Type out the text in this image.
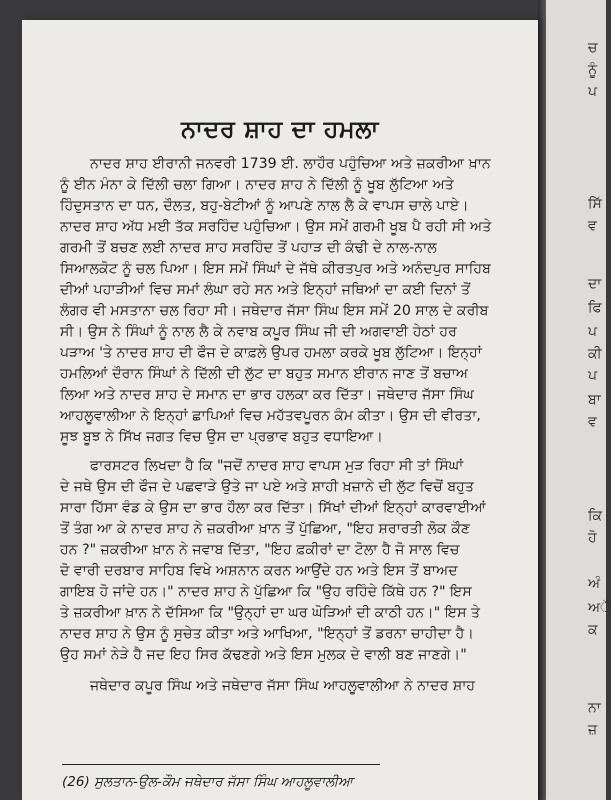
ਚ
ਨੂੰ
ਪ
ਸਿੱ
ਵ
ਦਾ
ਫਿ
ਪ
ਕੀ
ਪ
ਬਾ
ਵ
ਕਿ
ਹੋ
ਅੰ
ਅੌ
ਕ
ਨਾ
ਜ਼
ਨਾਦਰ ਸ਼ਾਹ ਦਾ ਹਮਲਾ
ਨਾਦਰ ਸ਼ਾਹ ਈਰਾਨੀ ਜਨਵਰੀ 1739 ਈ. ਲਾਹੌਰ ਪਹੁੰਚਿਆ ਅਤੇ ਜ਼ਕਰੀਆ ਖ਼ਾਨ
ਨੂੰ ਈਨ ਮੰਨਾ ਕੇ ਦਿੱਲੀ ਚਲਾ ਗਿਆ। ਨਾਦਰ ਸ਼ਾਹ ਨੇ ਦਿੱਲੀ ਨੂੰ ਖੂਬ ਲੁੱਟਿਆ ਅਤੇ
ਹਿੰਦੁਸਤਾਨ ਦਾ ਧਨ, ਦੌਲਤ, ਬਹੁ-ਬੇਟੀਆਂ ਨੂੰ ਆਪਣੇ ਨਾਲ ਲੈ ਕੇ ਵਾਪਸ ਚਾਲੇ ਪਾਏ।
ਨਾਦਰ ਸ਼ਾਹ ਅੱਧ ਮਈ ਤੱਕ ਸਰਹਿੰਦ ਪਹੁੰਚਿਆ। ਉਸ ਸਮੇਂ ਗਰਮੀ ਖੂਬ ਪੈ ਰਹੀ ਸੀ ਅਤੇ
ਗਰਮੀ ਤੋਂ ਬਚਣ ਲਈ ਨਾਦਰ ਸ਼ਾਹ ਸਰਹਿੰਦ ਤੋਂ ਪਹਾੜ ਦੀ ਕੰਢੀ ਦੇ ਨਾਲ-ਨਾਲ
ਸਿਆਲਕੋਟ ਨੂੰ ਚਲ ਪਿਆ। ਇਸ ਸਮੇਂ ਸਿੰਘਾਂ ਦੇ ਜੱਥੇ ਕੀਰਤਪੁਰ ਅਤੇ ਅਨੰਦਪੁਰ ਸਾਹਿਬ
ਦੀਆਂ ਪਹਾੜੀਆਂ ਵਿਚ ਸਮਾਂ ਲੰਘਾ ਰਹੇ ਸਨ ਅਤੇ ਇਨ੍ਹਾਂ ਜਥਿਆਂ ਦਾ ਕਈ ਦਿਨਾਂ ਤੋਂ
ਲੰਗਰ ਵੀ ਮਸਤਾਨਾ ਚਲ ਰਿਹਾ ਸੀ। ਜਥੇਦਾਰ ਜੱਸਾ ਸਿੰਘ ਇਸ ਸਮੇਂ 20 ਸਾਲ ਦੇ ਕਰੀਬ
ਸੀ। ਉਸ ਨੇ ਸਿੰਘਾਂ ਨੂੰ ਨਾਲ ਲੈ ਕੇ ਨਵਾਬ ਕਪੂਰ ਸਿੰਘ ਜੀ ਦੀ ਅਗਵਾਈ ਹੇਠਾਂ ਹਰ
ਪੜਾਅ 'ਤੇ ਨਾਦਰ ਸ਼ਾਹ ਦੀ ਫੌਜ ਦੇ ਕਾਫ਼ਲੇ ਉਪਰ ਹਮਲਾ ਕਰਕੇ ਖੂਬ ਲੁੱਟਿਆ। ਇਨ੍ਹਾਂ
ਹਮਲਿਆਂ ਦੌਰਾਨ ਸਿੰਘਾਂ ਨੇ ਦਿੱਲੀ ਦੀ ਲੁੱਟ ਦਾ ਬਹੁਤ ਸਮਾਨ ਈਰਾਨ ਜਾਣ ਤੋਂ ਬਚਾਅ
ਲਿਆ ਅਤੇ ਨਾਦਰ ਸ਼ਾਹ ਦੇ ਸਮਾਨ ਦਾ ਭਾਰ ਹਲਕਾ ਕਰ ਦਿੱਤਾ। ਜਥੇਦਾਰ ਜੱਸਾ ਸਿੰਘ
ਆਹਲੂਵਾਲੀਆ ਨੇ ਇਨ੍ਹਾਂ ਛਾਪਿਆਂ ਵਿਚ ਮਹੱਤਵਪੂਰਨ ਕੰਮ ਕੀਤਾ। ਉਸ ਦੀ ਵੀਰਤਾ,
ਸੂਝ ਬੂਝ ਨੇ ਸਿੱਖ ਜਗਤ ਵਿਚ ਉਸ ਦਾ ਪ੍ਰਭਾਵ ਬਹੁਤ ਵਧਾਇਆ।
ਫਾਰਸਟਰ ਲਿਖਦਾ ਹੈ ਕਿ "ਜਦੋਂ ਨਾਦਰ ਸ਼ਾਹ ਵਾਪਸ ਮੁੜ ਰਿਹਾ ਸੀ ਤਾਂ ਸਿੰਘਾਂ
ਦੇ ਜਥੇ ਉਸ ਦੀ ਫੌਜ ਦੇ ਪਛਵਾੜੇ ਉਤੇ ਜਾ ਪਏ ਅਤੇ ਸ਼ਾਹੀ ਖ਼ਜ਼ਾਨੇ ਦੀ ਲੁੱਟ ਵਿਚੋਂ ਬਹੁਤ
ਸਾਰਾ ਹਿੱਸਾ ਵੰਡ ਕੇ ਉਸ ਦਾ ਭਾਰ ਹੌਲਾ ਕਰ ਦਿੱਤਾ। ਸਿੱਖਾਂ ਦੀਆਂ ਇਨ੍ਹਾਂ ਕਾਰਵਾਈਆਂ
ਤੋਂ ਤੰਗ ਆ ਕੇ ਨਾਦਰ ਸ਼ਾਹ ਨੇ ਜ਼ਕਰੀਆ ਖ਼ਾਨ ਤੋਂ ਪੁੱਛਿਆ, "ਇਹ ਸ਼ਰਾਰਤੀ ਲੋਕ ਕੌਣ
ਹਨ ?" ਜ਼ਕਰੀਆ ਖ਼ਾਨ ਨੇ ਜਵਾਬ ਦਿੱਤਾ, "ਇਹ ਫ਼ਕੀਰਾਂ ਦਾ ਟੋਲਾ ਹੈ ਜੋ ਸਾਲ ਵਿਚ
ਦੋ ਵਾਰੀ ਦਰਬਾਰ ਸਾਹਿਬ ਵਿਖੇ ਅਸ਼ਨਾਨ ਕਰਨ ਆਉਂਦੇ ਹਨ ਅਤੇ ਇਸ ਤੋਂ ਬਾਅਦ
ਗਾਇਬ ਹੋ ਜਾਂਦੇ ਹਨ।" ਨਾਦਰ ਸ਼ਾਹ ਨੇ ਪੁੱਛਿਆ ਕਿ "ਉਹ ਰਹਿੰਦੇ ਕਿੱਥੇ ਹਨ ?" ਇਸ
ਤੇ ਜ਼ਕਰੀਆ ਖ਼ਾਨ ਨੇ ਦੱਸਿਆ ਕਿ "ਉਨ੍ਹਾਂ ਦਾ ਘਰ ਘੋੜਿਆਂ ਦੀ ਕਾਠੀ ਹਨ।" ਇਸ ਤੇ
ਨਾਦਰ ਸ਼ਾਹ ਨੇ ਉਸ ਨੂੰ ਸੁਚੇਤ ਕੀਤਾ ਅਤੇ ਆਖਿਆ, "ਇਨ੍ਹਾਂ ਤੋਂ ਡਰਨਾ ਚਾਹੀਦਾ ਹੈ।
ਉਹ ਸਮਾਂ ਨੇੜੇ ਹੈ ਜਦ ਇਹ ਸਿਰ ਕੱਢਣਗੇ ਅਤੇ ਇਸ ਮੁਲਕ ਦੇ ਵਾਲੀ ਬਣ ਜਾਣਗੇ।"
ਜਥੇਦਾਰ ਕਪੂਰ ਸਿੰਘ ਅਤੇ ਜਥੇਦਾਰ ਜੱਸਾ ਸਿੰਘ ਆਹਲੂਵਾਲੀਆ ਨੇ ਨਾਦਰ ਸ਼ਾਹ
(26) ਸੁਲਤਾਨ-ਉਲ-ਕੌਮ ਜਥੇਦਾਰ ਜੱਸਾ ਸਿੰਘ ਆਹਲੂਵਾਲੀਆ
